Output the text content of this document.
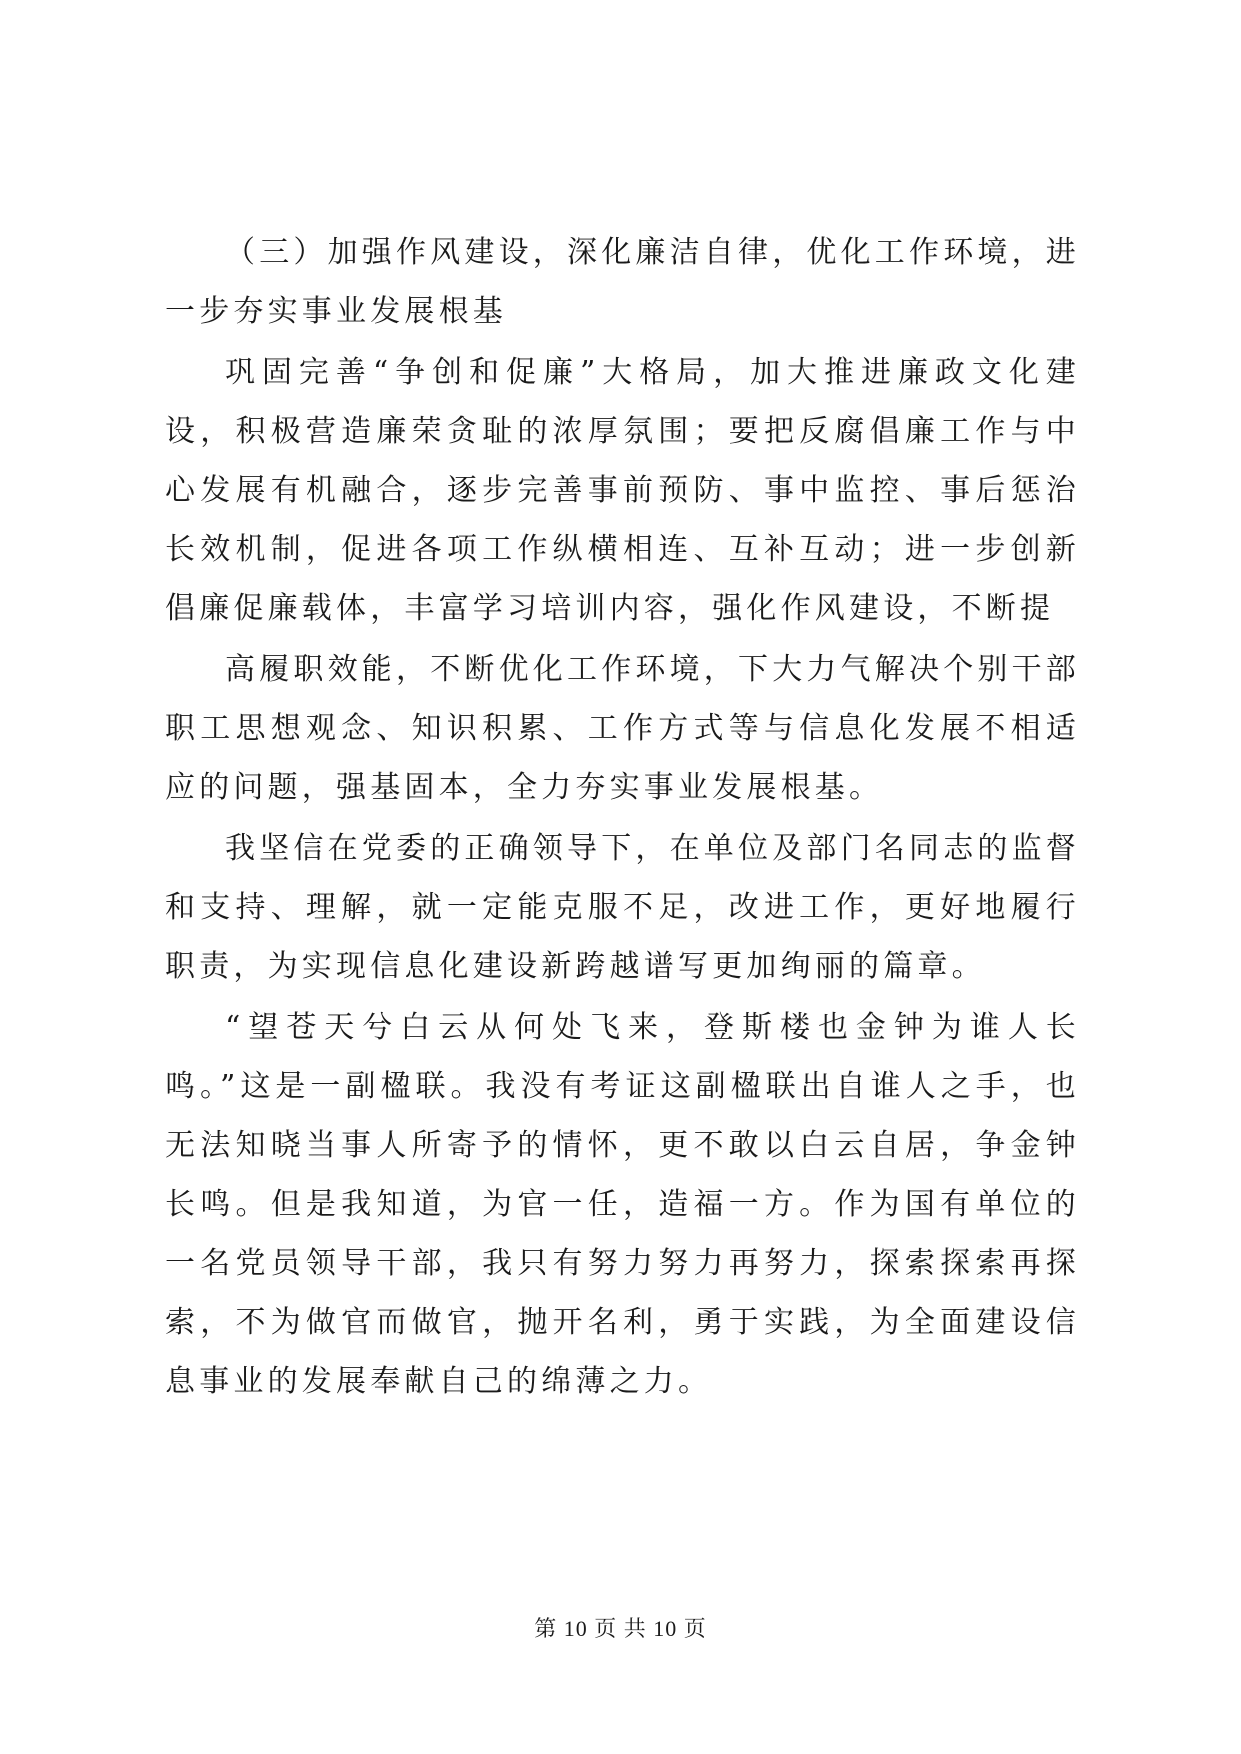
（三）加强作风建设，深化廉洁自律，优化工作环境，进一步夯实事业发展根基

巩固完善“争创和促廉”大格局，加大推进廉政文化建设，积极营造廉荣贪耻的浓厚氛围；要把反腐倡廉工作与中心发展有机融合，逐步完善事前预防、事中监控、事后惩治长效机制，促进各项工作纵横相连、互补互动；进一步创新倡廉促廉载体，丰富学习培训内容，强化作风建设，不断提

高履职效能，不断优化工作环境，下大力气解决个别干部职工思想观念、知识积累、工作方式等与信息化发展不相适应的问题，强基固本，全力夯实事业发展根基。

我坚信在党委的正确领导下，在单位及部门名同志的监督和支持、理解，就一定能克服不足，改进工作，更好地履行职责，为实现信息化建设新跨越谱写更加绚丽的篇章。

“望苍天兮白云从何处飞来，登斯楼也金钟为谁人长鸣。”这是一副楹联。我没有考证这副楹联出自谁人之手，也无法知晓当事人所寄予的情怀，更不敢以白云自居，争金钟长鸣。但是我知道，为官一任，造福一方。作为国有单位的一名党员领导干部，我只有努力努力再努力，探索探索再探索，不为做官而做官，抛开名利，勇于实践，为全面建设信息事业的发展奉献自己的绵薄之力。

第 10 页 共 10 页
